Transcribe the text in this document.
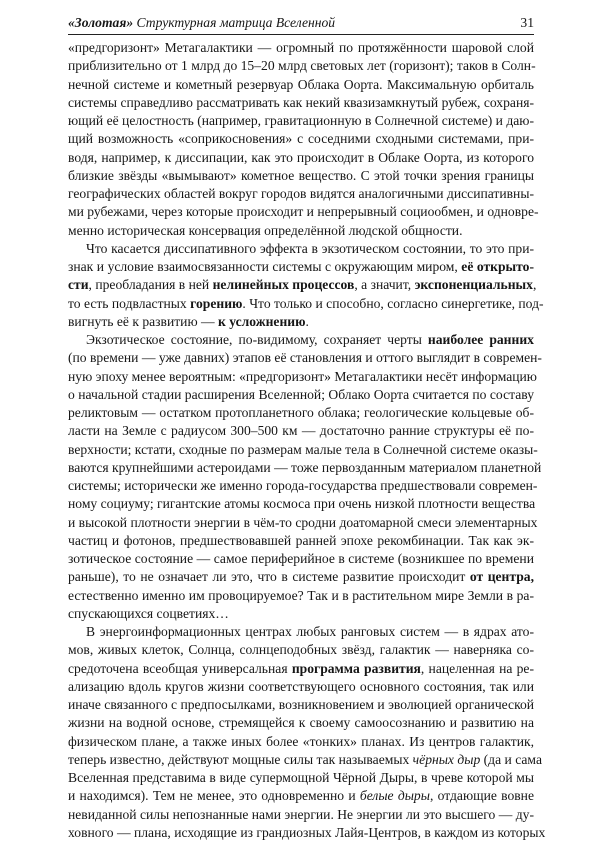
«Золотая» Структурная матрица Вселенной	31
«предгоризонт» Метагалактики — огромный по протяжённости шаровой слой
приблизительно от 1 млрд до 15–20 млрд световых лет (горизонт); таков в Солн-
нечной системе и кометный резервуар Облака Оорта. Максимальную орбиталь
системы справедливо рассматривать как некий квазизамкнутый рубеж, сохраня-
ющий её целостность (например, гравитационную в Солнечной системе) и даю-
щий возможность «соприкосновения» с соседними сходными системами, при-
водя, например, к диссипации, как это происходит в Облаке Оорта, из которого
близкие звёзды «вымывают» кометное вещество. С этой точки зрения границы
географических областей вокруг городов видятся аналогичными диссипативны-
ми рубежами, через которые происходит и непрерывный социообмен, и одновре-
менно историческая консервация определённой людской общности.
Что касается диссипативного эффекта в экзотическом состоянии, то это при-
знак и условие взаимосвязанности системы с окружающим миром, её открыто-
сти, преобладания в ней нелинейных процессов, а значит, экспоненциальных,
то есть подвластных горению. Что только и способно, согласно синергетике, под-
вигнуть её к развитию — к усложнению.
Экзотическое состояние, по-видимому, сохраняет черты наиболее ранних
(по времени — уже давних) этапов её становления и оттого выглядит в современ-
ную эпоху менее вероятным: «предгоризонт» Метагалактики несёт информацию
о начальной стадии расширения Вселенной; Облако Оорта считается по составу
реликтовым — остатком протопланетного облака; геологические кольцевые об-
ласти на Земле с радиусом 300–500 км — достаточно ранние структуры её по-
верхности; кстати, сходные по размерам малые тела в Солнечной системе оказы-
ваются крупнейшими астероидами — тоже первозданным материалом планетной
системы; исторически же именно города-государства предшествовали современ-
ному социуму; гигантские атомы космоса при очень низкой плотности вещества
и высокой плотности энергии в чём-то сродни доатомарной смеси элементарных
частиц и фотонов, предшествовавшей ранней эпохе рекомбинации. Так как эк-
зотическое состояние — самое периферийное в системе (возникшее по времени
раньше), то не означает ли это, что в системе развитие происходит от центра,
естественно именно им провоцируемое? Так и в растительном мире Земли в ра-
спускающихся соцветиях…
В энергоинформационных центрах любых ранговых систем — в ядрах ато-
мов, живых клеток, Солнца, солнцеподобных звёзд, галактик — наверняка со-
средоточена всеобщая универсальная программа развития, нацеленная на ре-
ализацию вдоль кругов жизни соответствующего основного состояния, так или
иначе связанного с предпосылками, возникновением и эволюцией органической
жизни на водной основе, стремящейся к своему самоосознанию и развитию на
физическом плане, а также иных более «тонких» планах. Из центров галактик,
теперь известно, действуют мощные силы так называемых чёрных дыр (да и сама
Вселенная представима в виде супермощной Чёрной Дыры, в чреве которой мы
и находимся). Тем не менее, это одновременно и белые дыры, отдающие вовне
невиданной силы непознанные нами энергии. Не энергии ли это высшего — ду-
ховного — плана, исходящие из грандиозных Лайя-Центров, в каждом из которых
